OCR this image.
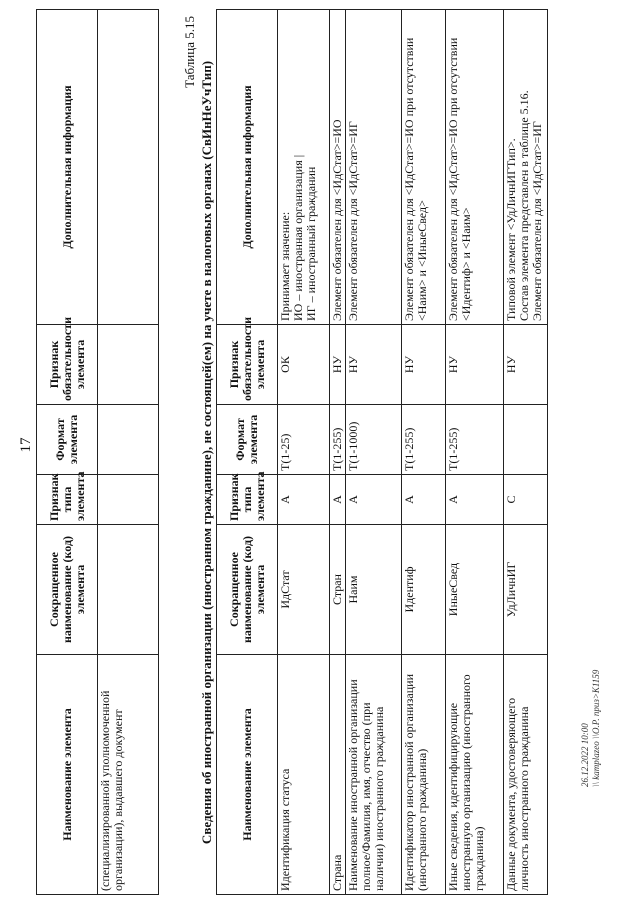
17
Наименование элемента	Сокращенное наименование (код) элемента	Признак типа элемента	Формат элемента	Признак обязательности элемента	Дополнительная информация
(специализированной уполномоченной организации), выдавшего документ					
Таблица 5.15
Сведения об иностранной организации (иностранном гражданине), не состоящей(ем) на учете в налоговых органах (СвИнНеУчТип) Наименование элемента	Сокращенное наименование (код) элемента	Признак типа элемента	Формат элемента	Признак обязательности элемента	Дополнительная информация
Идентификация статуса	ИдСтат	А	T(1-25)	ОК	Принимает значение:
ИО – иностранная организация |
ИГ – иностранный гражданин
Страна	Стран	А	T(1-255)	НУ	Элемент обязателен для <ИдСтат>=ИО
Наименование иностранной организации полное/Фамилия, имя, отчество (при наличии) иностранного гражданина	Наим	А	T(1-1000)	НУ	Элемент обязателен для <ИдСтат>=ИГ
Идентификатор иностранной организации (иностранного гражданина)	Идентиф	А	T(1-255)	НУ	Элемент обязателен для <ИдСтат>=ИО при отсутствии <Наим> и <ИныеСвед>
Иные сведения, идентифицирующие иностранную организацию (иностранного гражданина)	ИныеСвед	А	T(1-255)	НУ	Элемент обязателен для <ИдСтат>=ИО при отсутствии <Идентиф> и <Наим>
Данные документа, удостоверяющего личность иностранного гражданина	УдЛичнИГ	С		НУ	Типовой элемент <УдЛичнИГТип>.
Состав элемента представлен в таблице 5.16.
Элемент обязателен для <ИдСтат>=ИГ
26.12.2022 10:00 \\ kamplazeo \\О.Р. приз>К1159
